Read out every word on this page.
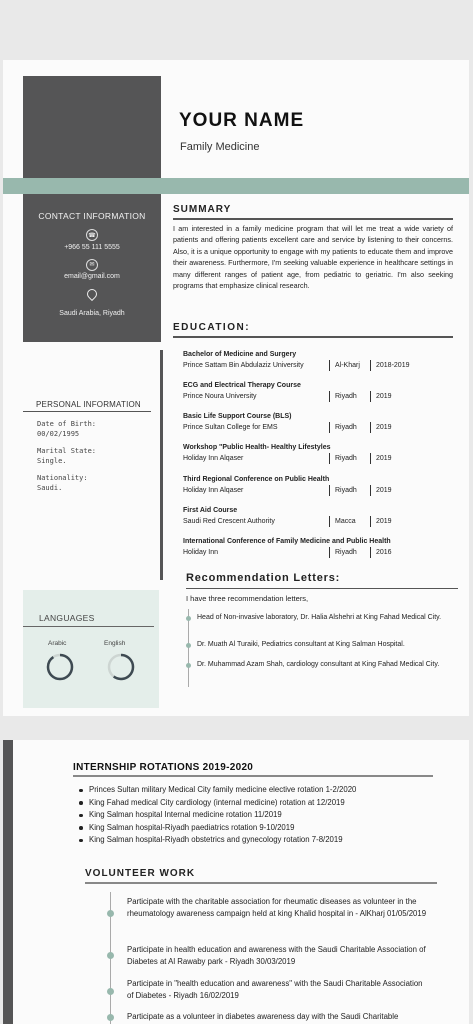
YOUR NAME
Family Medicine
CONTACT INFORMATION
☎
+966 55 111 5555
✉
email@gmail.com
Saudi Arabia, Riyadh
PERSONAL INFORMATION
Date of Birth:
00/02/1995
Marital State:
Single.
Nationality:
Saudi.
LANGUAGES
Arabic	English
SUMMARY
I am interested in a family medicine program that will let me treat a wide variety of patients and offering patients excellent care and service by listening to their concerns. Also, it is a unique opportunity to engage with my patients to educate them and improve their awareness. Furthermore, I'm seeking valuable experience in healthcare settings in many different ranges of patient age, from pediatric to geriatric. I'm also seeking programs that emphasize clinical research.
EDUCATION:
Bachelor of Medicine and Surgery
Prince Sattam Bin Abdulaziz University	Al-Kharj	2018-2019
ECG and Electrical Therapy Course
Prince Noura University	Riyadh	2019
Basic Life Support Course (BLS)
Prince Sultan College for EMS	Riyadh	2019
Workshop "Public Health- Healthy Lifestyles
Holiday Inn Alqaser	Riyadh	2019
Third Regional Conference on Public Health
Holiday Inn Alqaser	Riyadh	2019
First Aid Course
Saudi Red Crescent Authority	Macca	2019
International Conference of Family Medicine and Public Health
Holiday Inn	Riyadh	2016
Recommendation Letters:
I have three recommendation letters,
Head of Non-invasive laboratory, Dr. Halia Alshehri at King Fahad Medical City.
Dr. Muath Al Turaiki, Pediatrics consultant at King Salman Hospital.
Dr. Muhammad Azam Shah, cardiology consultant at King Fahad Medical City.
INTERNSHIP ROTATIONS 2019-2020
Princes Sultan military Medical City family medicine elective rotation 1-2/2020
King Fahad medical City cardiology (internal medicine) rotation at 12/2019
King Salman hospital Internal medicine rotation 11/2019
King Salman hospital-Riyadh paediatrics rotation 9-10/2019
King Salman hospital-Riyadh obstetrics and gynecology rotation 7-8/2019
VOLUNTEER WORK
Participate with the charitable association for rheumatic diseases as volunteer in the rheumatology awareness campaign held at king Khalid hospital in - AlKharj 01/05/2019
Participate in health education and awareness with the Saudi Charitable Association of Diabetes at Al Rawaby park - Riyadh 30/03/2019
Participate in "health education and awareness" with the Saudi Charitable Association of Diabetes - Riyadh 16/02/2019
Participate as a volunteer in diabetes awareness day with the Saudi Charitable
